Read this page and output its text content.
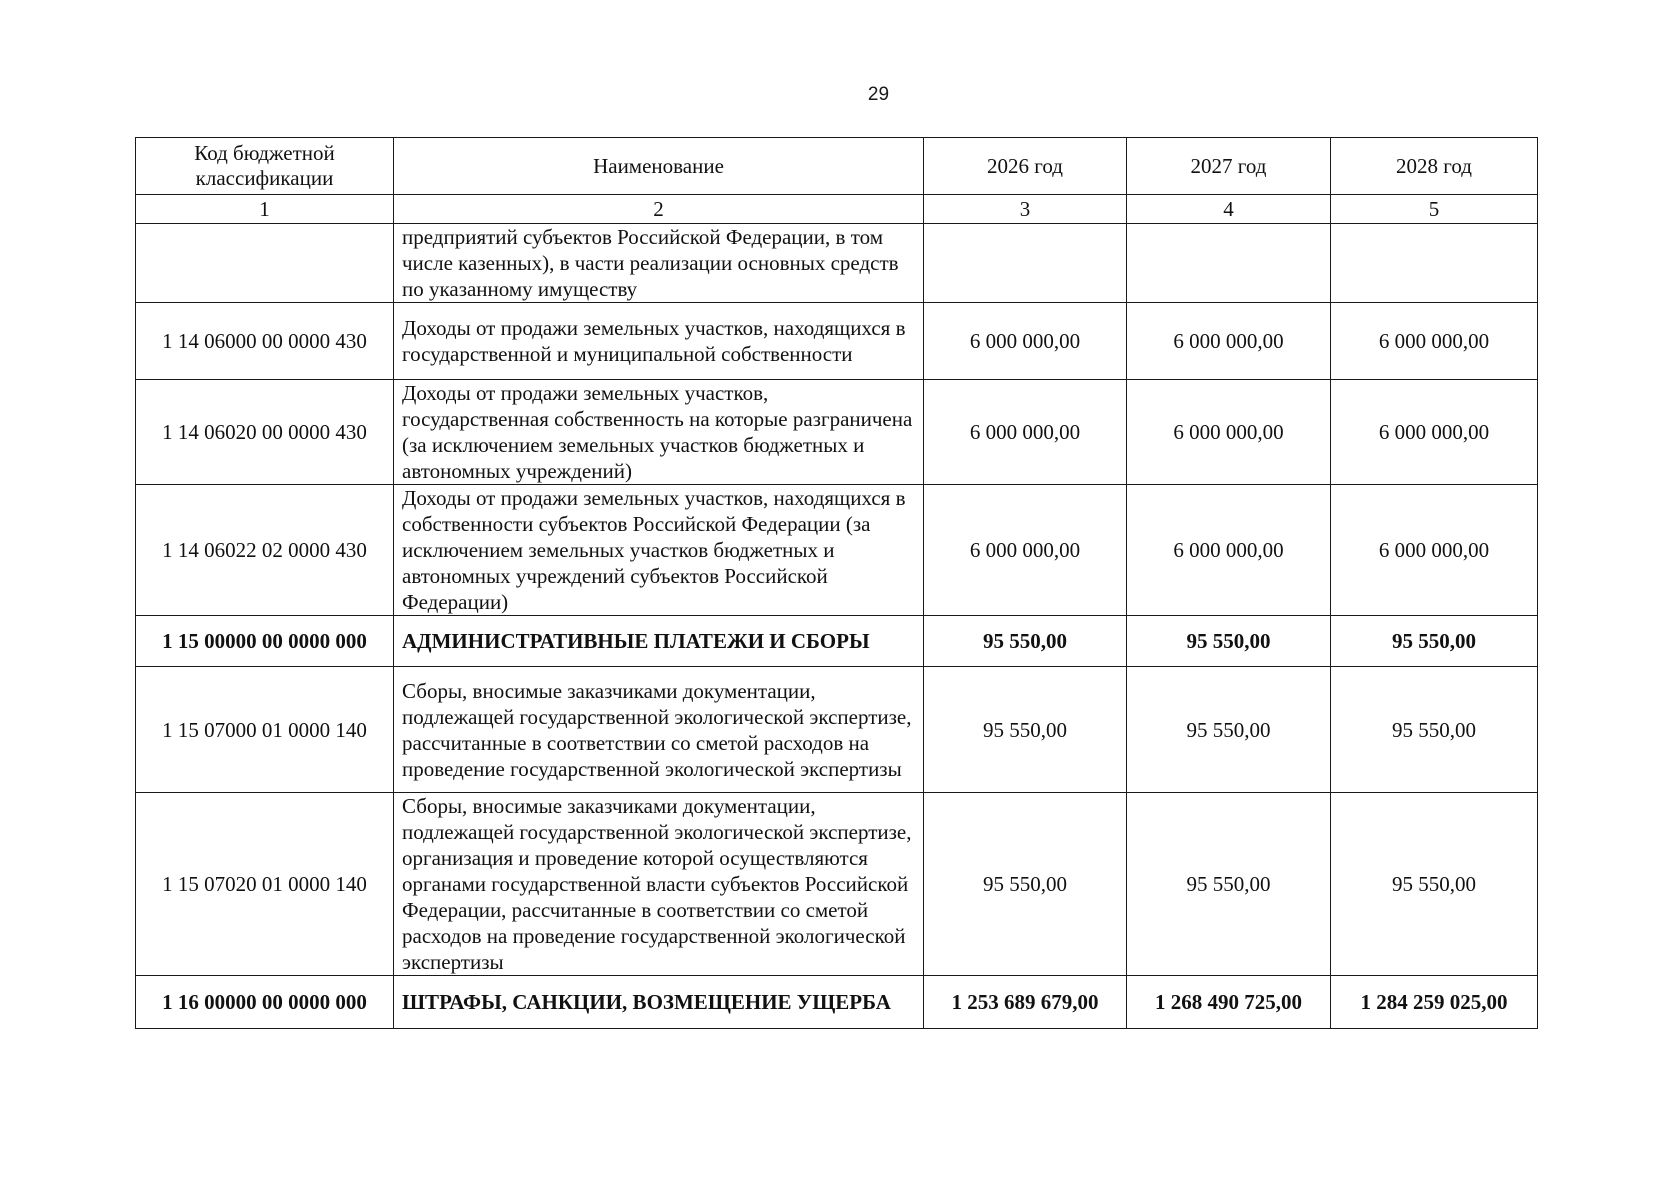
29
Код бюджетной классификации	Наименование	2026 год	2027 год	2028 год
1	2	3	4	5
	предприятий субъектов Российской Федерации, в том числе казенных), в части реализации основных средств по указанному имуществу			
1 14 06000 00 0000 430	Доходы от продажи земельных участков, находящихся в государственной и муниципальной собственности	6 000 000,00	6 000 000,00	6 000 000,00
1 14 06020 00 0000 430	Доходы от продажи земельных участков, государственная собственность на которые разграничена (за исключением земельных участков бюджетных и автономных учреждений)	6 000 000,00	6 000 000,00	6 000 000,00
1 14 06022 02 0000 430	Доходы от продажи земельных участков, находящихся в собственности субъектов Российской Федерации (за исключением земельных участков бюджетных и автономных учреждений субъектов Российской Федерации)	6 000 000,00	6 000 000,00	6 000 000,00
1 15 00000 00 0000 000	АДМИНИСТРАТИВНЫЕ ПЛАТЕЖИ И СБОРЫ	95 550,00	95 550,00	95 550,00
1 15 07000 01 0000 140	Сборы, вносимые заказчиками документации, подлежащей государственной экологической экспертизе, рассчитанные в соответствии со сметой расходов на проведение государственной экологической экспертизы	95 550,00	95 550,00	95 550,00
1 15 07020 01 0000 140	Сборы, вносимые заказчиками документации, подлежащей государственной экологической экспертизе, организация и проведение которой осуществляются органами государственной власти субъектов Российской Федерации, рассчитанные в соответствии со сметой расходов на проведение государственной экологической экспертизы	95 550,00	95 550,00	95 550,00
1 16 00000 00 0000 000	ШТРАФЫ, САНКЦИИ, ВОЗМЕЩЕНИЕ УЩЕРБА	1 253 689 679,00	1 268 490 725,00	1 284 259 025,00
